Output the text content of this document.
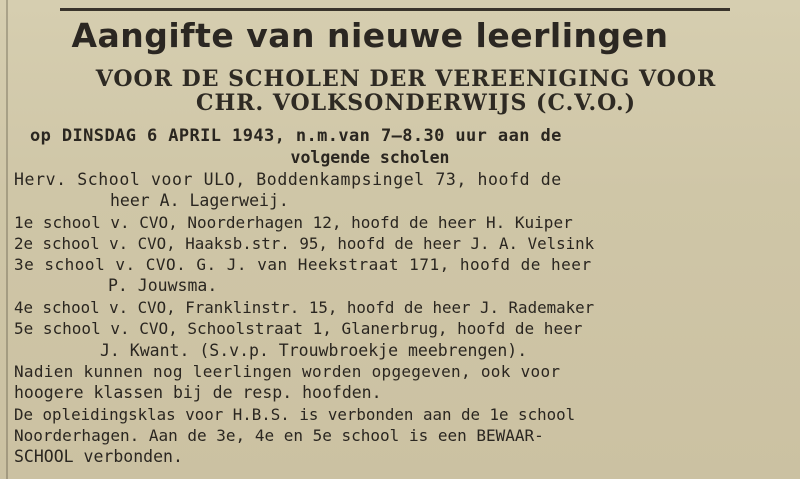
Aangifte van nieuwe leerlingen
VOOR DE SCHOLEN DER VEREENIGING VOOR
CHR. VOLKSONDERWIJS (C.V.O.)
op DINSDAG 6 APRIL 1943, n.m.van 7—8.30 uur aan de
volgende scholen
Herv. School voor ULO, Boddenkampsingel 73, hoofd de
heer A. Lagerweij.
1e school v. CVO, Noorderhagen 12, hoofd de heer H. Kuiper
2e school v. CVO, Haaksb.str. 95, hoofd de heer J. A. Velsink
3e school v. CVO. G. J. van Heekstraat 171, hoofd de heer
P. Jouwsma.
4e school v. CVO, Franklinstr. 15, hoofd de heer J. Rademaker
5e school v. CVO, Schoolstraat 1, Glanerbrug, hoofd de heer
J. Kwant. (S.v.p. Trouwbroekje meebrengen).
Nadien kunnen nog leerlingen worden opgegeven, ook voor
hoogere klassen bij de resp. hoofden.
De opleidingsklas voor H.B.S. is verbonden aan de 1e school
Noorderhagen. Aan de 3e, 4e en 5e school is een BEWAAR-
SCHOOL verbonden.
